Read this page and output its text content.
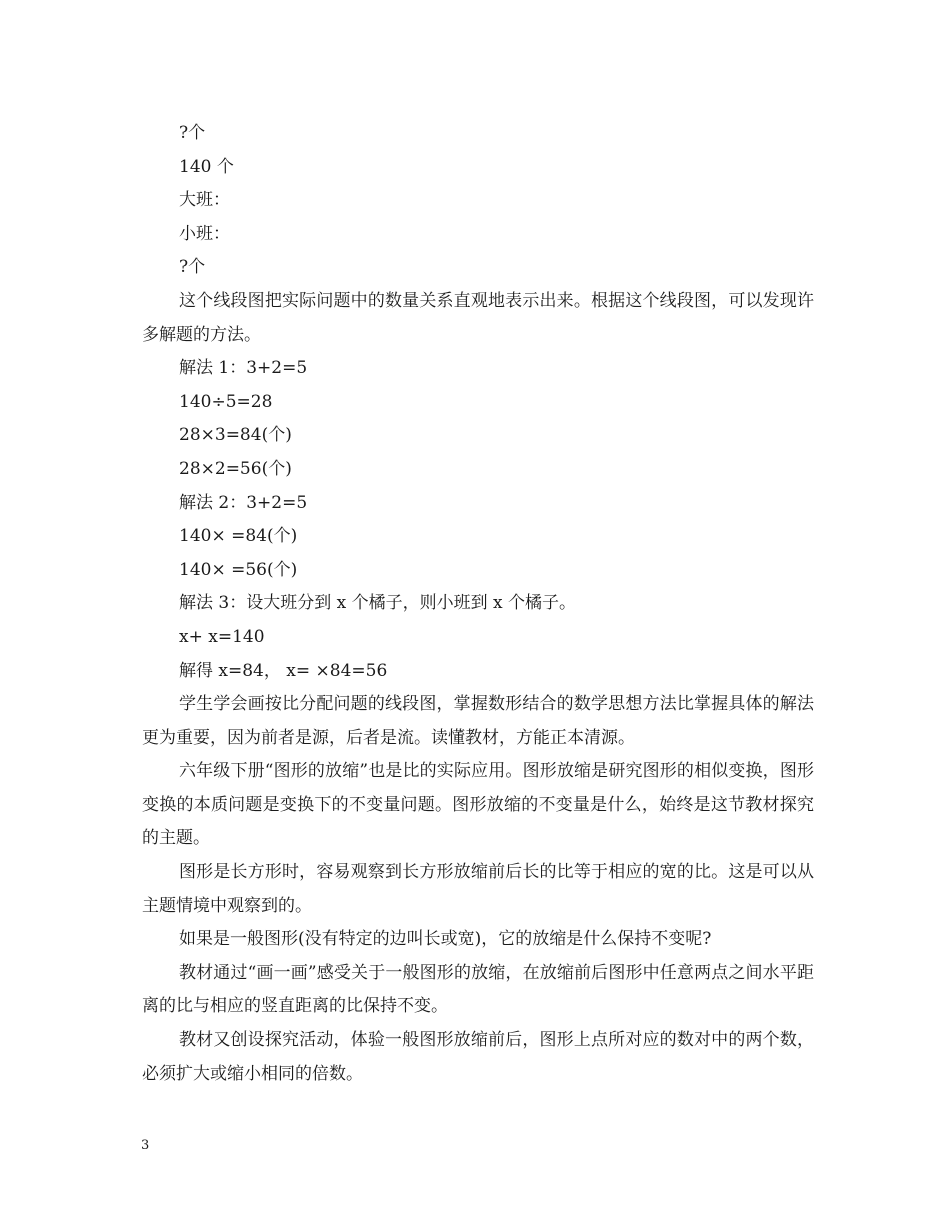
?个

140 个

大班：

小班：

?个

这个线段图把实际问题中的数量关系直观地表示出来。根据这个线段图，可以发现许多解题的方法。

解法 1：3+2=5

140÷5=28

28×3=84(个)

28×2=56(个)

解法 2：3+2=5

140× =84(个)

140× =56(个)

解法 3：设大班分到 x 个橘子，则小班到 x 个橘子。

x+ x=140

解得 x=84， x= ×84=56

学生学会画按比分配问题的线段图，掌握数形结合的数学思想方法比掌握具体的解法更为重要，因为前者是源，后者是流。读懂教材，方能正本清源。

六年级下册“图形的放缩”也是比的实际应用。图形放缩是研究图形的相似变换，图形变换的本质问题是变换下的不变量问题。图形放缩的不变量是什么，始终是这节教材探究的主题。

图形是长方形时，容易观察到长方形放缩前后长的比等于相应的宽的比。这是可以从主题情境中观察到的。

如果是一般图形(没有特定的边叫长或宽)，它的放缩是什么保持不变呢?

教材通过“画一画”感受关于一般图形的放缩，在放缩前后图形中任意两点之间水平距离的比与相应的竖直距离的比保持不变。

教材又创设探究活动，体验一般图形放缩前后，图形上点所对应的数对中的两个数，必须扩大或缩小相同的倍数。

3
